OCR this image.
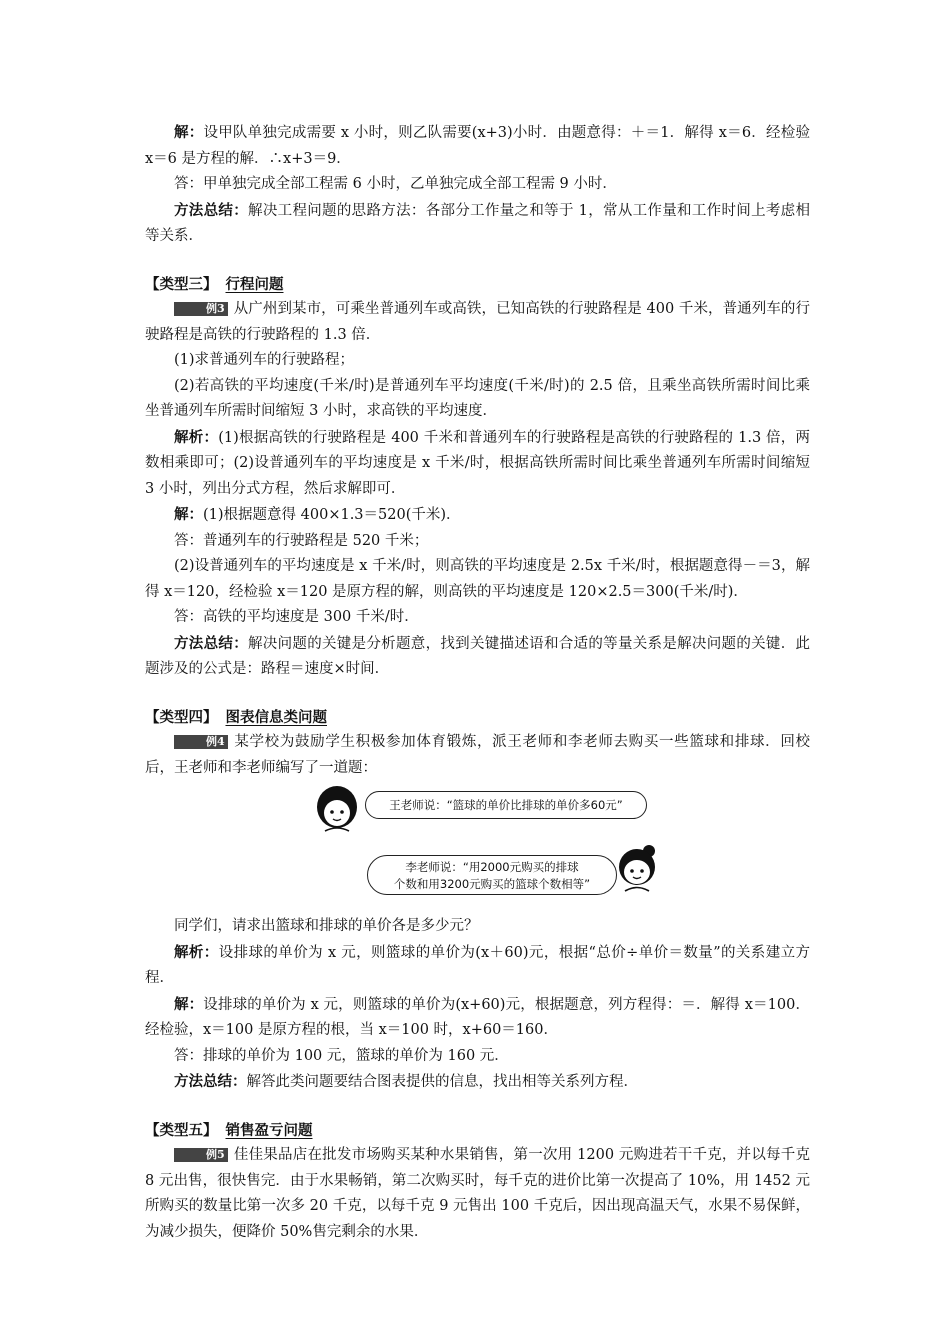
解：设甲队单独完成需要 x 小时，则乙队需要(x+3)小时．由题意得：＋＝1．解得 x＝6．经检验 x＝6 是方程的解．∴x+3＝9．

答：甲单独完成全部工程需 6 小时，乙单独完成全部工程需 9 小时．

方法总结：解决工程问题的思路方法：各部分工作量之和等于 1，常从工作量和工作时间上考虑相等关系．

【类型三】 行程问题

例3 从广州到某市，可乘坐普通列车或高铁，已知高铁的行驶路程是 400 千米，普通列车的行驶路程是高铁的行驶路程的 1.3 倍．

(1)求普通列车的行驶路程；

(2)若高铁的平均速度(千米/时)是普通列车平均速度(千米/时)的 2.5 倍，且乘坐高铁所需时间比乘坐普通列车所需时间缩短 3 小时，求高铁的平均速度．

解析：(1)根据高铁的行驶路程是 400 千米和普通列车的行驶路程是高铁的行驶路程的 1.3 倍，两数相乘即可；(2)设普通列车的平均速度是 x 千米/时，根据高铁所需时间比乘坐普通列车所需时间缩短 3 小时，列出分式方程，然后求解即可．

解：(1)根据题意得 400×1.3＝520(千米)．

答：普通列车的行驶路程是 520 千米；

(2)设普通列车的平均速度是 x 千米/时，则高铁的平均速度是 2.5x 千米/时，根据题意得－＝3，解得 x＝120，经检验 x＝120 是原方程的解，则高铁的平均速度是 120×2.5＝300(千米/时)．

答：高铁的平均速度是 300 千米/时．

方法总结：解决问题的关键是分析题意，找到关键描述语和合适的等量关系是解决问题的关键．此题涉及的公式是：路程＝速度×时间．

【类型四】 图表信息类问题

例4 某学校为鼓励学生积极参加体育锻炼，派王老师和李老师去购买一些篮球和排球．回校后，王老师和李老师编写了一道题：

王老师说：“篮球的单价比排球的单价多60元”
李老师说：“用2000元购买的排球
个数和用3200元购买的篮球个数相等”

同学们，请求出篮球和排球的单价各是多少元？

解析：设排球的单价为 x 元，则篮球的单价为(x＋60)元，根据“总价÷单价＝数量”的关系建立方程．

解：设排球的单价为 x 元，则篮球的单价为(x+60)元，根据题意，列方程得：＝．解得 x＝100．经检验，x＝100 是原方程的根，当 x＝100 时，x+60＝160．

答：排球的单价为 100 元，篮球的单价为 160 元．

方法总结：解答此类问题要结合图表提供的信息，找出相等关系列方程．

【类型五】 销售盈亏问题

例5 佳佳果品店在批发市场购买某种水果销售，第一次用 1200 元购进若干千克，并以每千克 8 元出售，很快售完．由于水果畅销，第二次购买时，每千克的进价比第一次提高了 10%，用 1452 元所购买的数量比第一次多 20 千克，以每千克 9 元售出 100 千克后，因出现高温天气，水果不易保鲜，为减少损失，便降价 50%售完剩余的水果．
